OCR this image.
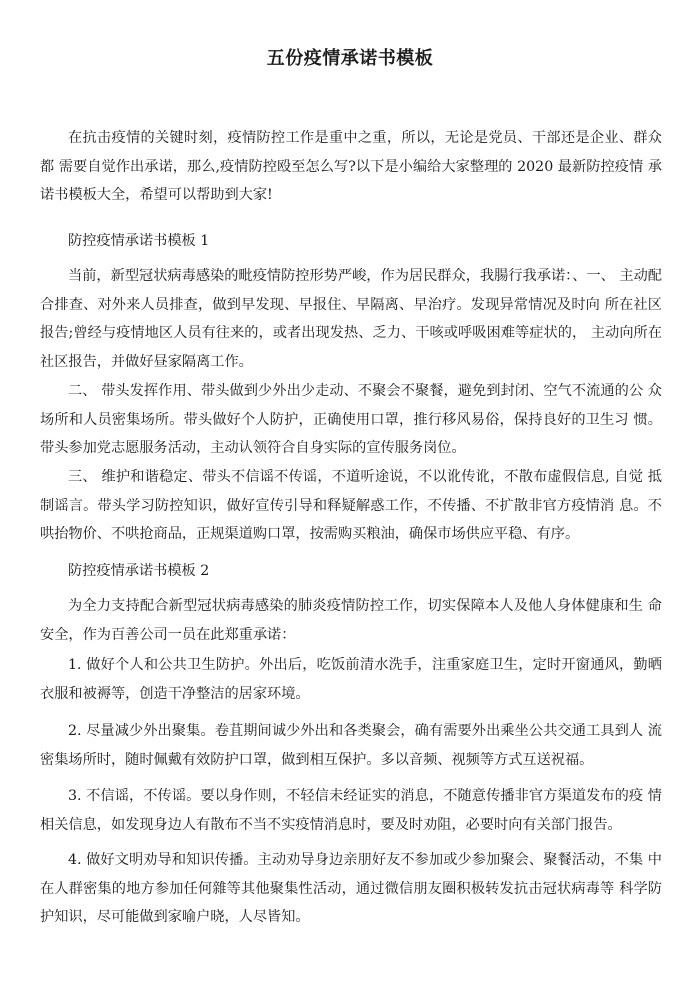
五份疫情承诺书模板

在抗击疫情的关键时刻，疫情防控工作是重中之重，所以，无论是党员、干部还是企业、群众都 需要自觉作出承诺，那么,疫情防控殴至怎么写?以下是小编给大家整理的 2020 最新防控疫情 承诺书模板大全，希望可以帮助到大家!

防控疫情承诺书模板 1

当前，新型冠状病毒感染的毗疫情防控形势严峻，作为居民群众，我腸行我承诺：、一、 主动配合排查、对外来人员排查，做到早发现、早报住、早隔离、早治疗。发现异常情况及时向 所在社区报告;曾经与疫情地区人员有往来的，或者出现发热、乏力、干咳或呼吸困难等症状的， 主动向所在社区报告，并做好昼家隔离工作。

二、 带头发挥作用、带头做到少外出少走动、不聚会不聚餐，避免到封闭、空气不流通的公 众场所和人员密集场所。带头做好个人防护，正确使用口罩，推行移风易俗，保持良好的卫生习 惯。带头参加党志愿服务活动，主动认领符合自身实际的宣传服务岗位。

三、 维护和谐稳定、带头不信谣不传谣，不道听途说，不以讹传讹，不散布虚假信息, 自觉 抵制谣言。带头学习防控知识，做好宣传引导和释疑解惑工作，不传播、不扩散非官方疫情消 息。不哄抬物价、不哄抢商品，正规渠道购口罩，按需购买粮油，确保市场供应平稳、有序。

防控疫情承诺书模板 2

为全力支持配合新型冠状病毒感染的肺炎疫情防控工作，切实保障本人及他人身体健康和生 命安全，作为百善公司一员在此郑重承诺：

1. 做好个人和公共卫生防护。外出后，吃饭前清水洗手，注重家庭卫生，定时开窗通风，勤晒衣服和被褥等，创造干净整洁的居家环境。

2. 尽量减少外出聚集。卷苴期间诚少外出和各类聚会，确有需要外出乘坐公共交通工具到人 流密集场所时，随时佩戴有效防护口罩，做到相互保护。多以音频、视频等方式互送祝福。

3. 不信谣，不传谣。要以身作则，不轻信未经证实的消息，不随意传播非官方渠道发布的疫 情相关信息，如发现身边人有散布不当不实疫情消息时，要及时劝阻，必要时向有关部门报告。

4. 做好文明劝导和知识传播。主动劝导身边亲朋好友不参加或少参加聚会、聚餐活动，不集 中在人群密集的地方参加任何雜等其他聚集性活动，通过微信朋友圈积极转发抗击冠状病毒等 科学防护知识，尽可能做到家喻户晓，人尽皆知。
